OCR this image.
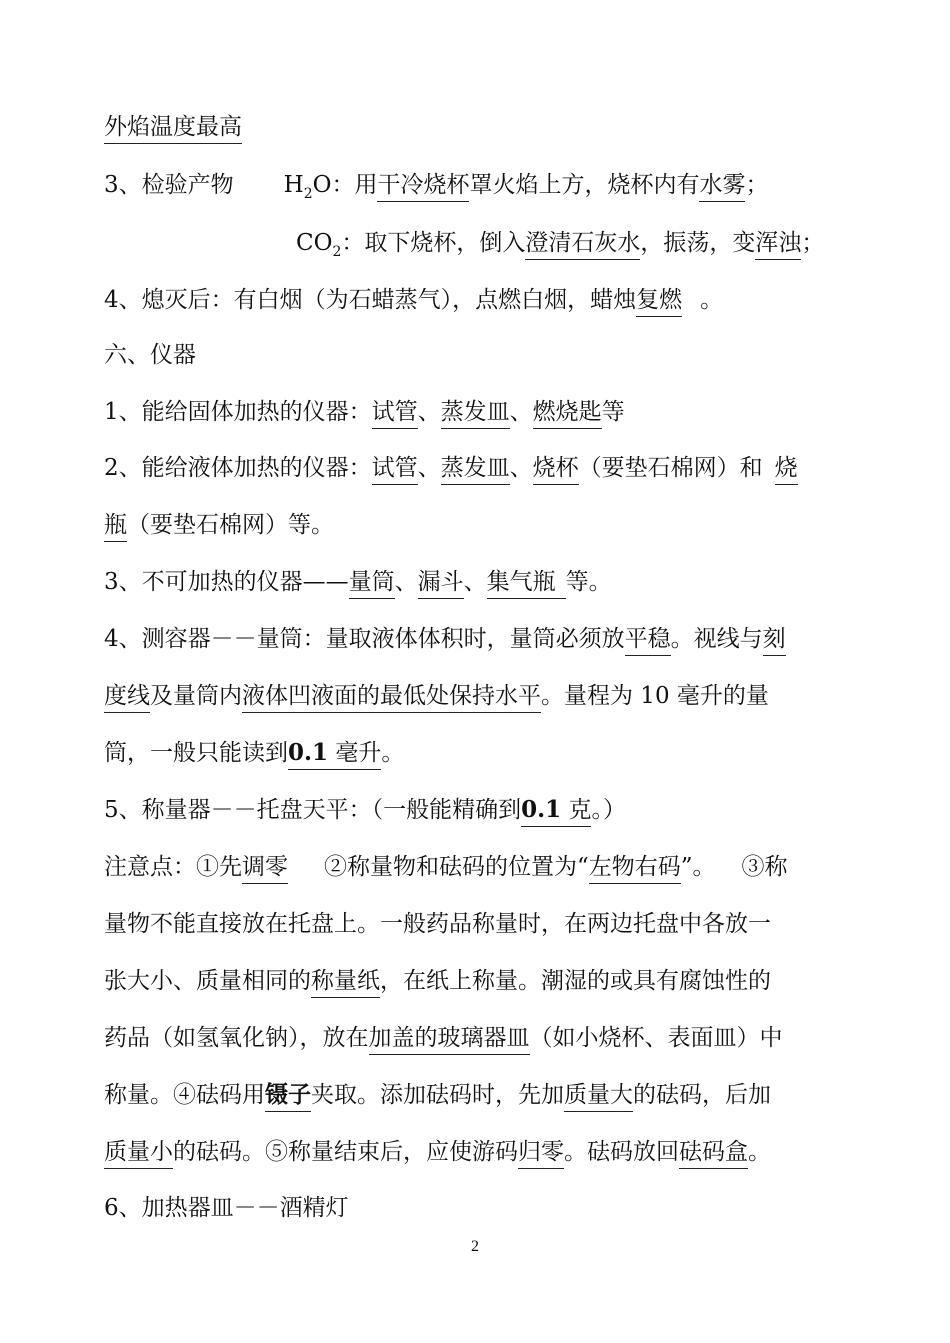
外焰温度最高
3、检验产物 $H_2O$：用干冷烧杯罩火焰上方，烧杯内有水雾；
$CO_2$：取下烧杯，倒入澄清石灰水，振荡，变浑浊；
4、熄灭后：有白烟（为石蜡蒸气），点燃白烟，蜡烛复燃 。
六、仪器
1、能给固体加热的仪器：试管、蒸发皿、燃烧匙等
2、能给液体加热的仪器：试管、蒸发皿、烧杯（要垫石棉网）和 烧
瓶（要垫石棉网）等。
3、不可加热的仪器——量筒、漏斗、集气瓶 等。
4、测容器－－量筒：量取液体体积时，量筒必须放平稳。视线与刻
度线及量筒内液体凹液面的最低处保持水平。量程为 10 毫升的量
筒，一般只能读到0.1 毫升。
5、称量器－－托盘天平：（一般能精确到0.1 克。）
注意点：①先调零 ②称量物和砝码的位置为“左物右码”。 ③称
量物不能直接放在托盘上。一般药品称量时，在两边托盘中各放一
张大小、质量相同的称量纸，在纸上称量。潮湿的或具有腐蚀性的
药品（如氢氧化钠），放在加盖的玻璃器皿（如小烧杯、表面皿）中
称量。④砝码用镊子夹取。添加砝码时，先加质量大的砝码，后加
质量小的砝码。⑤称量结束后，应使游码归零。砝码放回砝码盒。
6、加热器皿－－酒精灯
2
